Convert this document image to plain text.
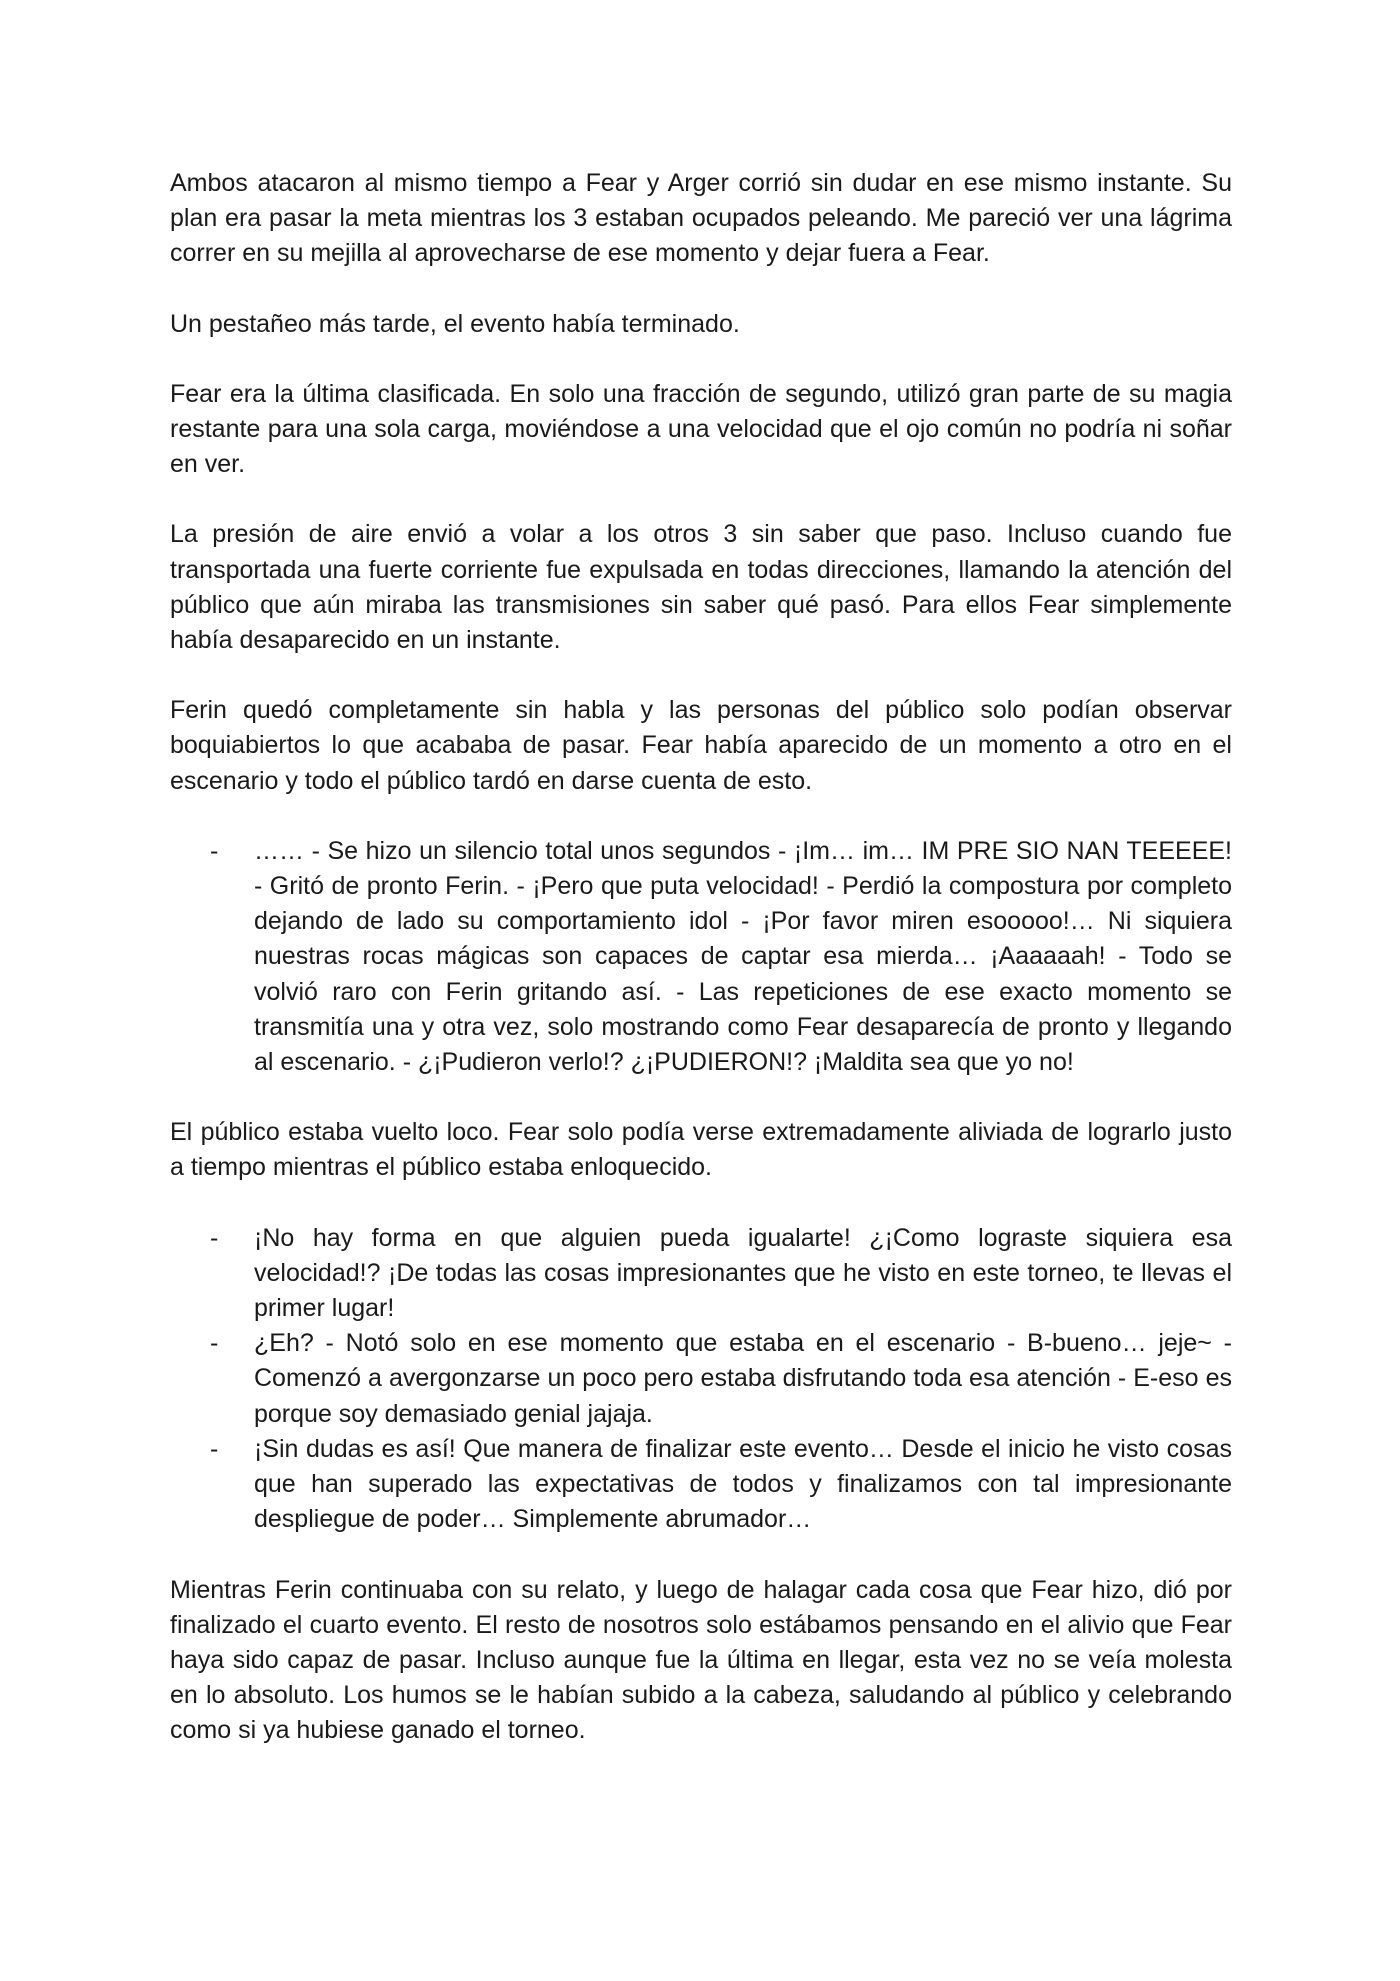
Ambos atacaron al mismo tiempo a Fear y Arger corrió sin dudar en ese mismo instante. Su plan era pasar la meta mientras los 3 estaban ocupados peleando. Me pareció ver una lágrima correr en su mejilla al aprovecharse de ese momento y dejar fuera a Fear.

Un pestañeo más tarde, el evento había terminado.

Fear era la última clasificada. En solo una fracción de segundo, utilizó gran parte de su magia restante para una sola carga, moviéndose a una velocidad que el ojo común no podría ni soñar en ver.

La presión de aire envió a volar a los otros 3 sin saber que paso. Incluso cuando fue transportada una fuerte corriente fue expulsada en todas direcciones, llamando la atención del público que aún miraba las transmisiones sin saber qué pasó. Para ellos Fear simplemente había desaparecido en un instante.

Ferin quedó completamente sin habla y las personas del público solo podían observar boquiabiertos lo que acababa de pasar. Fear había aparecido de un momento a otro en el escenario y todo el público tardó en darse cuenta de esto.

- …… - Se hizo un silencio total unos segundos - ¡Im… im… IM PRE SIO NAN TEEEEE! - Gritó de pronto Ferin. - ¡Pero que puta velocidad! - Perdió la compostura por completo dejando de lado su comportamiento idol - ¡Por favor miren esooooo!… Ni siquiera nuestras rocas mágicas son capaces de captar esa mierda… ¡Aaaaaah! - Todo se volvió raro con Ferin gritando así. - Las repeticiones de ese exacto momento se transmitía una y otra vez, solo mostrando como Fear desaparecía de pronto y llegando al escenario. - ¿¡Pudieron verlo!? ¿¡PUDIERON!? ¡Maldita sea que yo no!

El público estaba vuelto loco. Fear solo podía verse extremadamente aliviada de lograrlo justo a tiempo mientras el público estaba enloquecido.

- ¡No hay forma en que alguien pueda igualarte! ¿¡Como lograste siquiera esa velocidad!? ¡De todas las cosas impresionantes que he visto en este torneo, te llevas el primer lugar!
- ¿Eh? - Notó solo en ese momento que estaba en el escenario - B-bueno… jeje~ - Comenzó a avergonzarse un poco pero estaba disfrutando toda esa atención - E-eso es porque soy demasiado genial jajaja.
- ¡Sin dudas es así! Que manera de finalizar este evento… Desde el inicio he visto cosas que han superado las expectativas de todos y finalizamos con tal impresionante despliegue de poder… Simplemente abrumador…

Mientras Ferin continuaba con su relato, y luego de halagar cada cosa que Fear hizo, dió por finalizado el cuarto evento. El resto de nosotros solo estábamos pensando en el alivio que Fear haya sido capaz de pasar. Incluso aunque fue la última en llegar, esta vez no se veía molesta en lo absoluto. Los humos se le habían subido a la cabeza, saludando al público y celebrando como si ya hubiese ganado el torneo.
